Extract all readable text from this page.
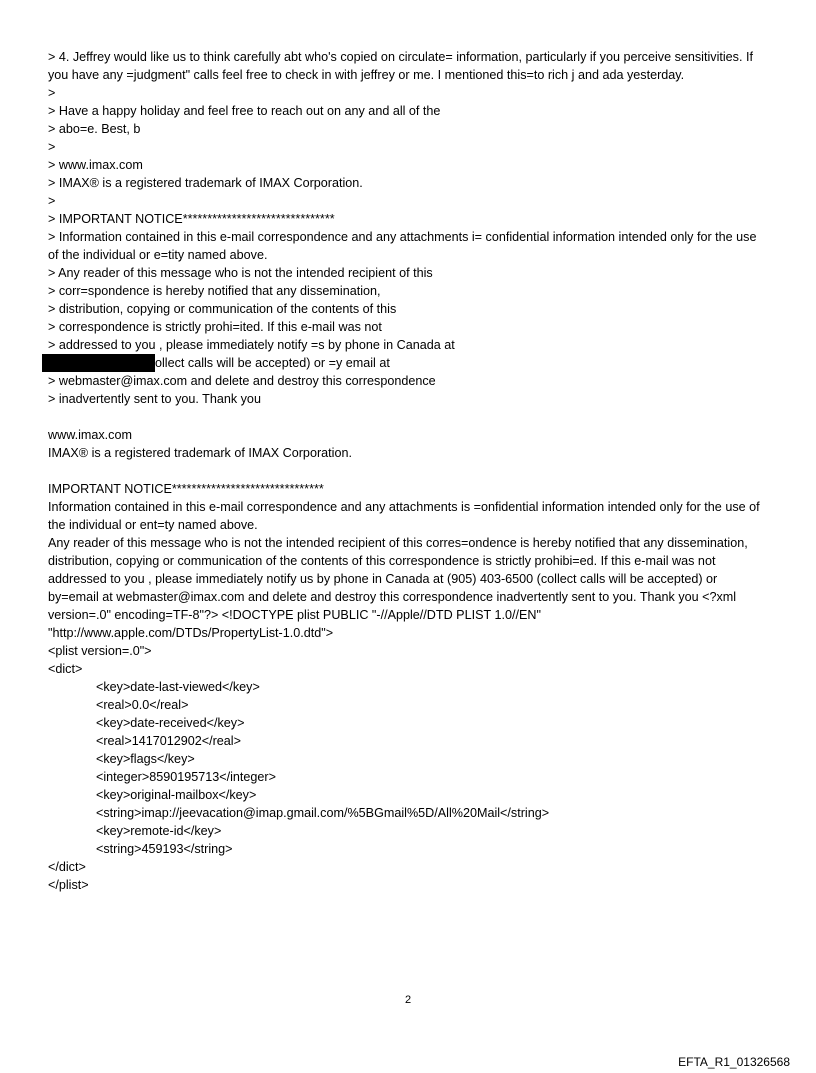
> 4. Jeffrey would like us to think carefully abt who's copied on circulate= information, particularly if you perceive sensitivities. If you have any =judgment" calls feel free to check in with jeffrey or me. I mentioned this=to rich j and ada yesterday.
>
> Have a happy holiday and feel free to reach out on any and all of the
> abo=e. Best, b
>
> www.imax.com
> IMAX® is a registered trademark of IMAX Corporation.
>
> IMPORTANT NOTICE*******************************
> Information contained in this e-mail correspondence and any attachments i= confidential information intended only for the use of the individual or e=tity named above.
> Any reader of this message who is not the intended recipient of this
> corr=spondence is hereby notified that any dissemination,
> distribution, copying or communication of the contents of this
> correspondence is strictly prohi=ited. If this e-mail was not
> addressed to you , please immediately notify =s by phone in Canada at
ollect calls will be accepted) or =y email at
> webmaster@imax.com and delete and destroy this correspondence
> inadvertently sent to you. Thank you
www.imax.com
IMAX® is a registered trademark of IMAX Corporation.
IMPORTANT NOTICE*******************************
Information contained in this e-mail correspondence and any attachments is =onfidential information intended only for the use of the individual or ent=ty named above.
Any reader of this message who is not the intended recipient of this corres=ondence is hereby notified that any dissemination, distribution, copying or communication of the contents of this correspondence is strictly prohibi=ed. If this e-mail was not addressed to you , please immediately notify us by phone in Canada at (905) 403-6500 (collect calls will be accepted) or by=email at webmaster@imax.com and delete and destroy this correspondence inadvertently sent to you. Thank you <?xml version=.0" encoding=TF-8"?> <!DOCTYPE plist PUBLIC "-//Apple//DTD PLIST 1.0//EN" "http://www.apple.com/DTDs/PropertyList-1.0.dtd">
<plist version=.0">
<dict>
<key>date-last-viewed</key>
<real>0.0</real>
<key>date-received</key>
<real>1417012902</real>
<key>flags</key>
<integer>8590195713</integer>
<key>original-mailbox</key>
<string>imap://jeevacation@imap.gmail.com/%5BGmail%5D/All%20Mail</string>
<key>remote-id</key>
<string>459193</string>
</dict>
</plist>
2
EFTA_R1_01326568
